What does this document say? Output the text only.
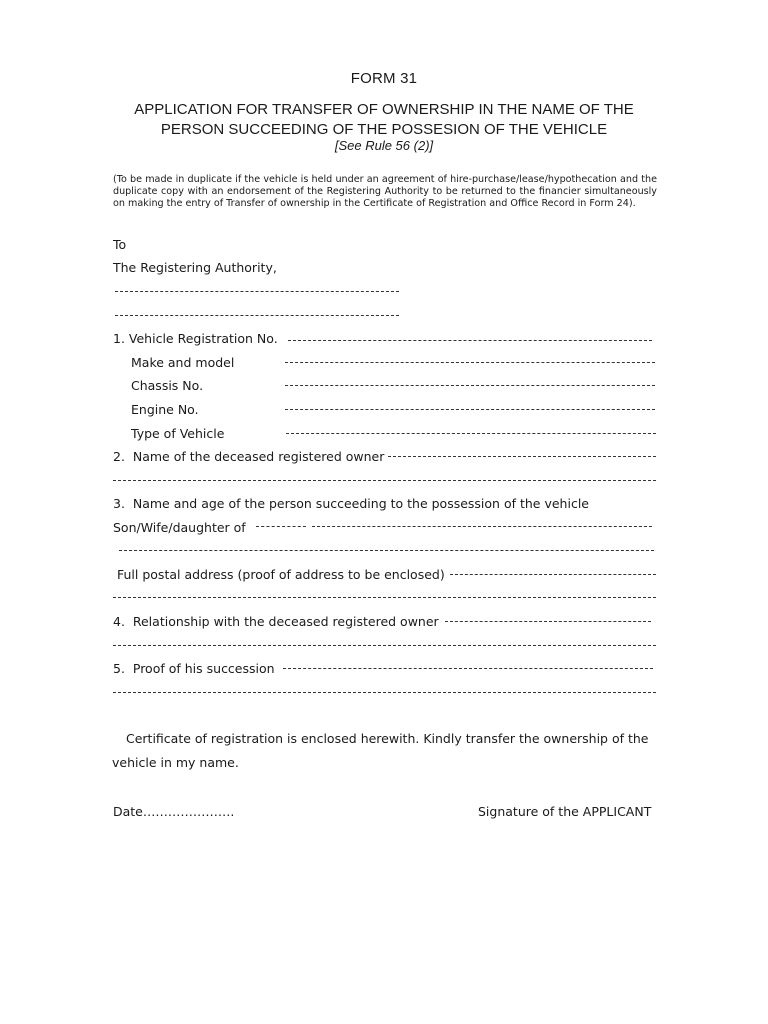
FORM 31
APPLICATION FOR TRANSFER OF OWNERSHIP IN THE NAME OF THE
PERSON SUCCEEDING OF THE POSSESION OF THE VEHICLE
[See Rule 56 (2)]
(To be made in duplicate if the vehicle is held under an agreement of hire-purchase/lease/hypothecation and the duplicate copy with an endorsement of the Registering Authority to be returned to the financier simultaneously on making the entry of Transfer of ownership in the Certificate of Registration and Office Record in Form 24).
To
The Registering Authority,
1. Vehicle Registration No.
Make and model
Chassis No.
Engine No.
Type of Vehicle
2.  Name of the deceased registered owner
3.  Name and age of the person succeeding to the possession of the vehicle
Son/Wife/daughter of
Full postal address (proof of address to be enclosed)
4.  Relationship with the deceased registered owner
5.  Proof of his succession
Certificate of registration is enclosed herewith. Kindly transfer the ownership of the vehicle in my name.
Date………………….	Signature of the APPLICANT
